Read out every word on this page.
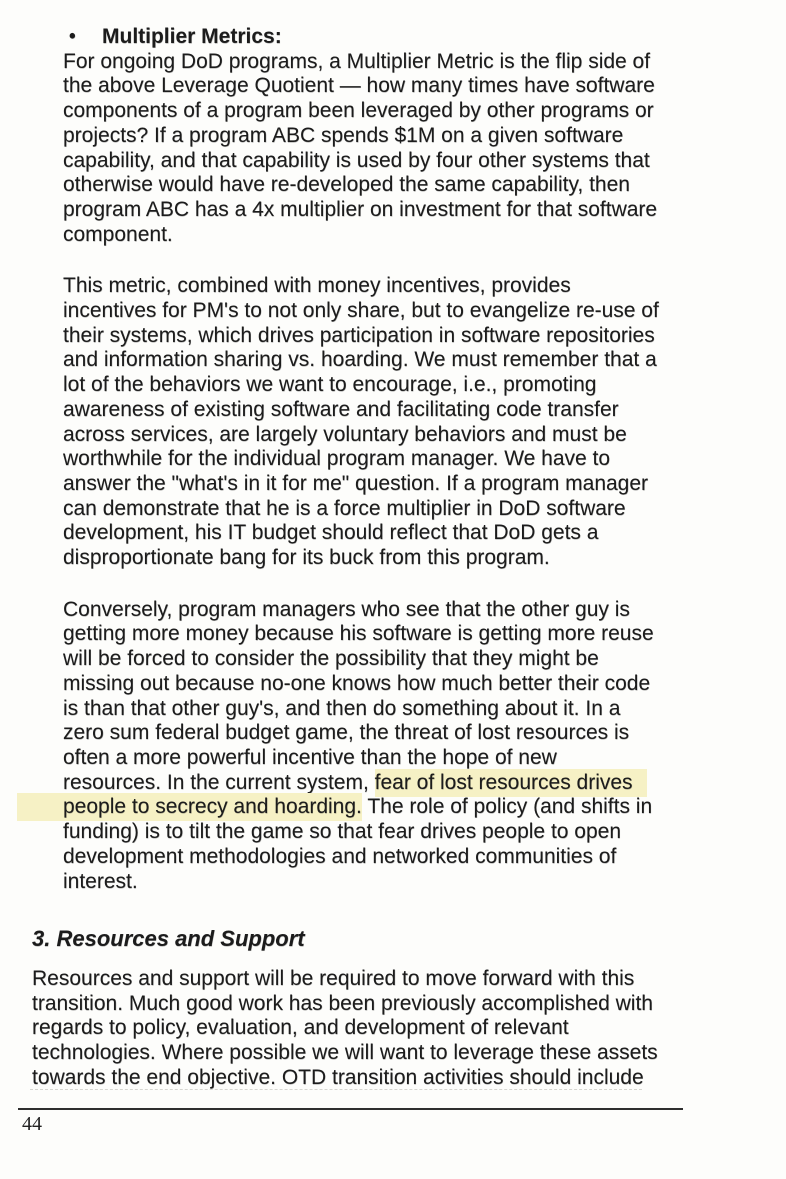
•	Multiplier Metrics:
For ongoing DoD programs, a Multiplier Metric is the flip side of
the above Leverage Quotient — how many times have software
components of a program been leveraged by other programs or
projects? If a program ABC spends $1M on a given software
capability, and that capability is used by four other systems that
otherwise would have re-developed the same capability, then
program ABC has a 4x multiplier on investment for that software
component.
This metric, combined with money incentives, provides
incentives for PM's to not only share, but to evangelize re-use of
their systems, which drives participation in software repositories
and information sharing vs. hoarding. We must remember that a
lot of the behaviors we want to encourage, i.e., promoting
awareness of existing software and facilitating code transfer
across services, are largely voluntary behaviors and must be
worthwhile for the individual program manager. We have to
answer the "what's in it for me" question. If a program manager
can demonstrate that he is a force multiplier in DoD software
development, his IT budget should reflect that DoD gets a
disproportionate bang for its buck from this program.
Conversely, program managers who see that the other guy is
getting more money because his software is getting more reuse
will be forced to consider the possibility that they might be
missing out because no-one knows how much better their code
is than that other guy's, and then do something about it. In a
zero sum federal budget game, the threat of lost resources is
often a more powerful incentive than the hope of new
resources. In the current system, fear of lost resources drives
people to secrecy and hoarding. The role of policy (and shifts in
funding) is to tilt the game so that fear drives people to open
development methodologies and networked communities of
interest.
3. Resources and Support
Resources and support will be required to move forward with this
transition. Much good work has been previously accomplished with
regards to policy, evaluation, and development of relevant
technologies. Where possible we will want to leverage these assets
towards the end objective. OTD transition activities should include
44
